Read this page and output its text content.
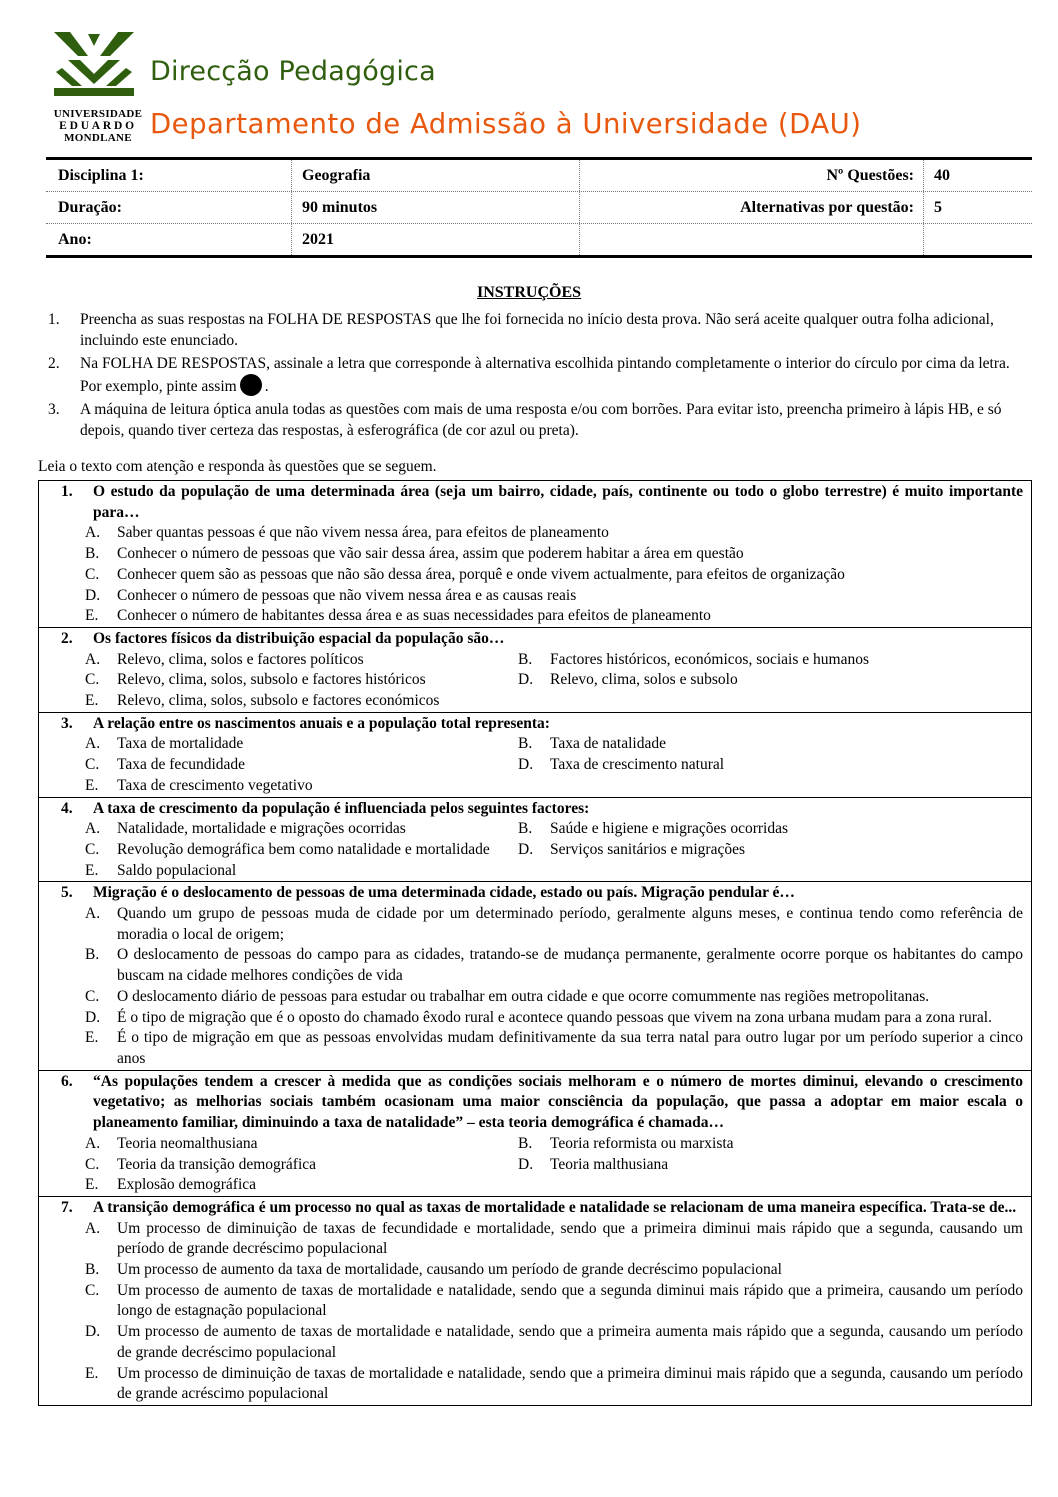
UNIVERSIDADE
EDUARDO
MONDLANE
Direcção Pedagógica
Departamento de Admissão à Universidade (DAU)
Disciplina 1:	Geografia	Nº Questões:	40
Duração:	90 minutos	Alternativas por questão:	5
Ano:	2021
INSTRUÇÕES
1. Preencha as suas respostas na FOLHA DE RESPOSTAS que lhe foi fornecida no início desta prova. Não será aceite qualquer outra folha adicional, incluindo este enunciado.
2. Na FOLHA DE RESPOSTAS, assinale a letra que corresponde à alternativa escolhida pintando completamente o interior do círculo por cima da letra. Por exemplo, pinte assim .
3. A máquina de leitura óptica anula todas as questões com mais de uma resposta e/ou com borrões. Para evitar isto, preencha primeiro à lápis HB, e só depois, quando tiver certeza das respostas, à esferográfica (de cor azul ou preta).
Leia o texto com atenção e responda às questões que se seguem.
1. O estudo da população de uma determinada área (seja um bairro, cidade, país, continente ou todo o globo terrestre) é muito importante para…
A. Saber quantas pessoas é que não vivem nessa área, para efeitos de planeamento
B. Conhecer o número de pessoas que vão sair dessa área, assim que poderem habitar a área em questão
C. Conhecer quem são as pessoas que não são dessa área, porquê e onde vivem actualmente, para efeitos de organização
D. Conhecer o número de pessoas que não vivem nessa área e as causas reais
E. Conhecer o número de habitantes dessa área e as suas necessidades para efeitos de planeamento
2. Os factores físicos da distribuição espacial da população são…
A. Relevo, clima, solos e factores políticos	B. Factores históricos, económicos, sociais e humanos
C. Relevo, clima, solos, subsolo e factores históricos	D. Relevo, clima, solos e subsolo
E. Relevo, clima, solos, subsolo e factores económicos
3. A relação entre os nascimentos anuais e a população total representa:
A. Taxa de mortalidade	B. Taxa de natalidade
C. Taxa de fecundidade	D. Taxa de crescimento natural
E. Taxa de crescimento vegetativo
4. A taxa de crescimento da população é influenciada pelos seguintes factores:
A. Natalidade, mortalidade e migrações ocorridas	B. Saúde e higiene e migrações ocorridas
C. Revolução demográfica bem como natalidade e mortalidade	D. Serviços sanitários e migrações
E. Saldo populacional
5. Migração é o deslocamento de pessoas de uma determinada cidade, estado ou país. Migração pendular é…
A. Quando um grupo de pessoas muda de cidade por um determinado período, geralmente alguns meses, e continua tendo como referência de moradia o local de origem;
B. O deslocamento de pessoas do campo para as cidades, tratando-se de mudança permanente, geralmente ocorre porque os habitantes do campo buscam na cidade melhores condições de vida
C. O deslocamento diário de pessoas para estudar ou trabalhar em outra cidade e que ocorre comummente nas regiões metropolitanas.
D. É o tipo de migração que é o oposto do chamado êxodo rural e acontece quando pessoas que vivem na zona urbana mudam para a zona rural.
E. É o tipo de migração em que as pessoas envolvidas mudam definitivamente da sua terra natal para outro lugar por um período superior a cinco anos
6. “As populações tendem a crescer à medida que as condições sociais melhoram e o número de mortes diminui, elevando o crescimento vegetativo; as melhorias sociais também ocasionam uma maior consciência da população, que passa a adoptar em maior escala o planeamento familiar, diminuindo a taxa de natalidade” – esta teoria demográfica é chamada…
A. Teoria neomalthusiana	B. Teoria reformista ou marxista
C. Teoria da transição demográfica	D. Teoria malthusiana
E. Explosão demográfica
7. A transição demográfica é um processo no qual as taxas de mortalidade e natalidade se relacionam de uma maneira específica. Trata-se de...
A. Um processo de diminuição de taxas de fecundidade e mortalidade, sendo que a primeira diminui mais rápido que a segunda, causando um período de grande decréscimo populacional
B. Um processo de aumento da taxa de mortalidade, causando um período de grande decréscimo populacional
C. Um processo de aumento de taxas de mortalidade e natalidade, sendo que a segunda diminui mais rápido que a primeira, causando um período longo de estagnação populacional
D. Um processo de aumento de taxas de mortalidade e natalidade, sendo que a primeira aumenta mais rápido que a segunda, causando um período de grande decréscimo populacional
E. Um processo de diminuição de taxas de mortalidade e natalidade, sendo que a primeira diminui mais rápido que a segunda, causando um período de grande acréscimo populacional
